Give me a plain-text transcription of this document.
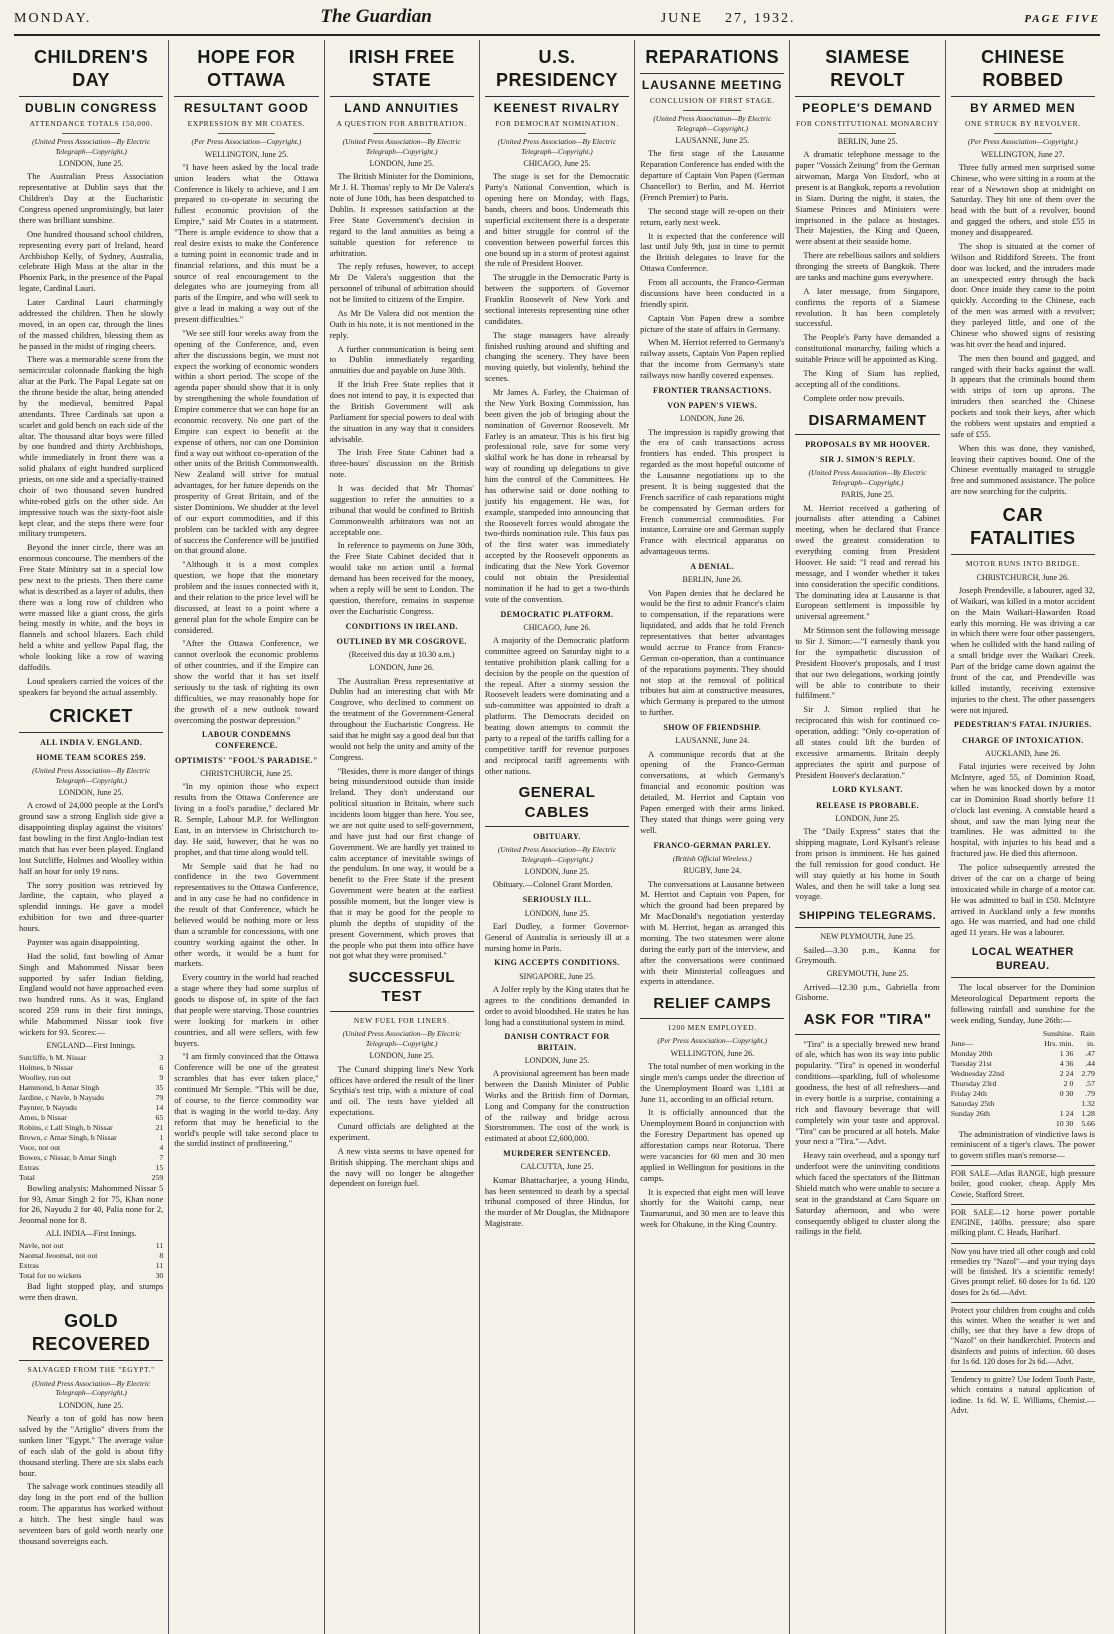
MONDAY.	The Guardian	JUNE 27, 1932.	PAGE FIVE
CHILDREN'S DAY
DUBLIN CONGRESS
ATTENDANCE TOTALS 150,000.
(United Press Association—By Electric Telegraph—Copyright.)
LONDON, June 25.

The Australian Press Association representative at Dublin says that the Children's Day at the Eucharistic Congress opened unpromisingly, but later there was brilliant sunshine.

One hundred thousand school children, representing every part of Ireland, heard Archbishop Kelly, of Sydney, Australia, celebrate High Mass at the altar in the Phoenix Park, in the presence of the Papal legate, Cardinal Lauri.

Later Cardinal Lauri charmingly addressed the children. Then he slowly moved, in an open car, through the lines of the massed children, blessing them as he passed in the midst of ringing cheers.

There was a memorable scene from the semicircular colonnade flanking the high altar at the Park. The Papal Legate sat on the throne beside the altar, being attended by the medieval, bemitred Papal attendants. Three Cardinals sat upon a scarlet and gold bench on each side of the altar. The thousand altar boys were filled by one hundred and thirty Archbishops, while immediately in front there was a solid phalanx of eight hundred surpliced priests, on one side and a specially-trained choir of two thousand seven hundred white-robed girls on the other side. An impressive touch was the sixty-foot aisle kept clear, and the steps there were four military trumpeters.

Beyond the inner circle, there was an enormous concourse. The members of the Free State Ministry sat in a special low pew next to the priests. Then there came what is described as a layer of adults, then there was a long row of children who were massed like a giant cross, the girls being mostly in white, and the boys in flannels and school blazers. Each child held a white and yellow Papal flag, the whole looking like a row of waving daffodils.

Loud speakers carried the voices of the speakers far beyond the actual assembly.

CRICKET
ALL INDIA V. ENGLAND.
HOME TEAM SCORES 259.
(United Press Association—By Electric Telegraph—Copyright.)
LONDON, June 25.

A crowd of 24,000 people at the Lord's ground saw a strong English side give a disappointing display against the visitors' fast bowling in the first Anglo-Indian test match that has ever been played. England lost Sutcliffe, Holmes and Woolley within half an hour for only 19 runs.

The sorry position was retrieved by Jardine, the captain, who played a splendid innings. He gave a model exhibition for two and three-quarter hours.

Paynter was again disappointing.

Had the solid, fast bowling of Amar Singh and Mahommed Nissar been supported by safer Indian fielding, England would not have approached even two hundred runs. As it was, England scored 259 runs in their first innings, while Mahommed Nissar took five wickets for 93. Scores:—

ENGLAND—First Innings.
Sutcliffe, b M. Nissar	3
Holmes, b Nissar	6
Woolley, run out	9
Hammond, b Amar Singh	35
Jardine, c Navle, b Nayudu	79
Paynter, b Nayudu	14
Ames, b Nissar	65
Robins, c Lall Singh, b Nissar	21
Brown, c Amar Singh, b Nissar	1
Voce, not out	4
Bowes, c Nissar, b Amar Singh	7
Extras	15
Total	259

Bowling analysis: Mahommed Nissar 5 for 93, Amar Singh 2 for 75, Khan none for 26, Nayudu 2 for 40, Palia none for 2, Jeoomal none for 8.

ALL INDIA—First Innings.
Navle, not out	11
Naomal Jeoomal, not out	8
Extras	11
Total for no wickets	30

Bad light stopped play, and stumps were then drawn.

GOLD RECOVERED
SALVAGED FROM THE "EGYPT."
(United Press Association—By Electric Telegraph—Copyright.)
LONDON, June 25.

Nearly a ton of gold has now been salved by the "Artiglio" divers from the sunken liner "Egypt." The average value of each slab of the gold is about fifty thousand sterling. There are six slabs each hour.

The salvage work continues steadily all day long in the port end of the bullion room. The apparatus has worked without a hitch. The best single haul was seventeen bars of gold worth nearly one thousand sovereigns each.

HOPE FOR OTTAWA
RESULTANT GOOD
EXPRESSION BY MR COATES.
(Per Press Association—Copyright.)
WELLINGTON, June 25.

"I have been asked by the local trade union leaders what the Ottawa Conference is likely to achieve, and I am prepared to co-operate in securing the fullest economic provision of the Empire," said Mr Coates in a statement. "There is ample evidence to show that a real desire exists to make the Conference a turning point in economic trade and in financial relations, and this must be a source of real encouragement to the delegates who are journeying from all parts of the Empire, and who will seek to give a lead in making a way out of the present difficulties."

"We see still four weeks away from the opening of the Conference, and, even after the discussions begin, we must not expect the working of economic wonders within a short period. The scope of the agenda paper should show that it is only by strengthening the whole foundation of Empire commerce that we can hope for an economic recovery. No one part of the Empire can expect to benefit at the expense of others, nor can one Dominion find a way out without co-operation of the other units of the British Commonwealth. New Zealand will strive for mutual advantages, for her future depends on the prosperity of Great Britain, and of the sister Dominions. We shudder at the level of our export commodities, and if this problem can be tackled with any degree of success the Conference will be justified on that ground alone.

"Although it is a most complex question, we hope that the monetary problem and the issues connected with it, and their relation to the price level will be discussed, at least to a point where a general plan for the whole Empire can be considered.

"After the Ottawa Conference, we cannot overlook the economic problems of other countries, and if the Empire can show the world that it has set itself seriously to the task of righting its own difficulties, we may reasonably hope for the growth of a new outlook toward overcoming the postwar depression."

LABOUR CONDEMNS CONFERENCE.
OPTIMISTS' "FOOL'S PARADISE."
CHRISTCHURCH, June 25.

"In my opinion those who expect results from the Ottawa Conference are living in a fool's paradise," declared Mr R. Semple, Labour M.P. for Wellington East, in an interview in Christchurch to-day. He said, however, that he was no prophet, and that time along would tell.

Mr Semple said that he had no confidence in the two Government representatives to the Ottawa Conference, and in any case he had no confidence in the result of that Conference, which he believed would be nothing more or less than a scramble for concessions, with one country working against the other. In other words, it would be a hunt for markets.

Every country in the world had reached a stage where they had some surplus of goods to dispose of, in spite of the fact that people were starving. Those countries were looking for markets in other countries, and all were sellers, with few buyers.

"I am firmly convinced that the Ottawa Conference will be one of the greatest scrambles that has ever taken place," continued Mr Semple. "This will be due, of course, to the fierce commodity war that is waging in the world to-day. Any reform that may be beneficial to the world's people will take second place to the sordid instinct of profiteering."

IRISH FREE STATE
LAND ANNUITIES
A QUESTION FOR ARBITRATION.
(United Press Association—By Electric Telegraph—Copyright.)
LONDON, June 25.

The British Minister for the Dominions, Mr J. H. Thomas' reply to Mr De Valera's note of June 10th, has been despatched to Dublin. It expresses satisfaction at the Free State Government's decision in regard to the land annuities as being a suitable question for reference to arbitration.

The reply refuses, however, to accept Mr De Valera's suggestion that the personnel of tribunal of arbitration should not be limited to citizens of the Empire.

As Mr De Valera did not mention the Oath in his note, it is not mentioned in the reply.

A further communication is being sent to Dublin immediately regarding annuities due and payable on June 30th.

If the Irish Free State replies that it does not intend to pay, it is expected that the British Government will ask Parliament for special powers to deal with the situation in any way that it considers advisable.

The Irish Free State Cabinet had a three-hours' discussion on the British note.

It was decided that Mr Thomas' suggestion to refer the annuities to a tribunal that would be confined to British Commonwealth arbitrators was not an acceptable one.

In reference to payments on June 30th, the Free State Cabinet decided that it would take no action until a formal demand has been received for the money, when a reply will be sent to London. The question, therefore, remains in suspense over the Eucharistic Congress.

CONDITIONS IN IRELAND.
OUTLINED BY MR COSGROVE.
(Received this day at 10.30 a.m.)
LONDON, June 26.

The Australian Press representative at Dublin had an interesting chat with Mr Cosgrove, who declined to comment on the treatment of the Government-General throughout the Eucharistic Congress. He said that he might say a good deal but that would not help the unity and amity of the Congress.

"Besides, there is more danger of things being misunderstood outside than inside Ireland. They don't understand our political situation in Britain, where such incidents loom bigger than here. You see, we are not quite used to self-government, and have just had our first change of Government. We are hardly yet trained to calm acceptance of inevitable swings of the pendulum. In one way, it would be a benefit to the Free State if the present Government were beaten at the earliest possible moment, but the longer view is that it may be good for the people to plumb the depths of stupidity of the present Government, which proves that the people who put them into office have not got what they were promised."

SUCCESSFUL TEST
NEW FUEL FOR LINERS.
(United Press Association—By Electric Telegraph—Copyright.)
LONDON, June 25.

The Cunard shipping line's New York offices have ordered the result of the liner Scythia's test trip, with a mixture of coal and oil. The tests have yielded all expectations.

Cunard officials are delighted at the experiment.

A new vista seems to have opened for British shipping. The merchant ships and the navy will no longer be altogether dependent on foreign fuel.

U.S. PRESIDENCY
KEENEST RIVALRY
FOR DEMOCRAT NOMINATION.
(United Press Association—By Electric Telegraph—Copyright.)
CHICAGO, June 25.

The stage is set for the Democratic Party's National Convention, which is opening here on Monday, with flags, bands, cheers and boos. Underneath this superficial excitement there is a desperate and bitter struggle for control of the convention between powerful forces this one bound up in a storm of protest against the rule of President Hoover.

The struggle in the Democratic Party is between the supporters of Governor Franklin Roosevelt of New York and sectional interests representing nine other candidates.

The stage managers have already finished rushing around and shifting and changing the scenery. They have been moving quietly, but violently, behind the scenes.

Mr James A. Farley, the Chairman of the New York Boxing Commission, has been given the job of bringing about the nomination of Governor Roosevelt. Mr Farley is an amateur. This is his first big professional role, save for some very skilful work he has done in rehearsal by way of rounding up delegations to give him the control of the Committees. He has otherwise said or done nothing to justify his engagement. He was, for example, stampeded into announcing that the Roosevelt forces would abrogate the two-thirds nomination rule. This faux pas of the first water was immediately accepted by the Roosevelt opponents as indicating that the New York Governor could not obtain the Presidential nomination if he had to get a two-thirds vote of the convention.

DEMOCRATIC PLATFORM.
CHICAGO, June 26.

A majority of the Democratic platform committee agreed on Saturday night to a tentative prohibition plank calling for a decision by the people on the question of the repeal. After a stormy session the Roosevelt leaders were dominating and a sub-committee was appointed to draft a platform. The Democrats decided on beating down attempts to commit the party to a repeal of the tariffs calling for a competitive tariff for revenue purposes and reciprocal tariff agreements with other nations.

GENERAL CABLES
OBITUARY.
(United Press Association—By Electric Telegraph—Copyright.)
LONDON, June 25.

Obituary.—Colonel Grant Morden.

SERIOUSLY ILL.
LONDON, June 25.

Earl Dudley, a former Governor-General of Australia is seriously ill at a nursing home in Paris.

KING ACCEPTS CONDITIONS.
SINGAPORE, June 25.

A Jolfer reply by the King states that he agrees to the conditions demanded in order to avoid bloodshed. He states he has long had a constitutional system in mind.

DANISH CONTRACT FOR BRITAIN.
LONDON, June 25.

A provisional agreement has been made between the Danish Minister of Public Works and the British firm of Dorman, Long and Company for the construction of the railway and bridge across Storstrommen. The cost of the work is estimated at about £2,600,000.

MURDERER SENTENCED.
CALCUTTA, June 25.

Kumar Bhattacharjee, a young Hindu, has been sentenced to death by a special tribunal composed of three Hindus, for the murder of Mr Douglas, the Midnapore Magistrate.

REPARATIONS
LAUSANNE MEETING
CONCLUSION OF FIRST STAGE.
(United Press Association—By Electric Telegraph—Copyright.)
LAUSANNE, June 25.

The first stage of the Lausanne Reparation Conference has ended with the departure of Captain Von Papen (German Chancellor) to Berlin, and M. Herriot (French Premier) to Paris.

The second stage will re-open on their return, early next week.

It is expected that the conference will last until July 9th, just in time to permit the British delegates to leave for the Ottawa Conference.

From all accounts, the Franco-German discussions have been conducted in a friendly spirit.

Captain Von Papen drew a sombre picture of the state of affairs in Germany.

When M. Herriot referred to Germany's railway assets, Captain Von Papen replied that the income from Germany's state railways now hardly covered expenses.

FRONTIER TRANSACTIONS.
VON PAPEN'S VIEWS.
LONDON, June 26.

The impression is rapidly growing that the era of cash transactions across frontiers has ended. This prospect is regarded as the most hopeful outcome of the Lausanne negotiations up to the present. It is being suggested that the French sacrifice of cash reparations might be compensated by German orders for French commercial commodities. For instance, Lorraine ore and German supply France with electrical apparatus on advantageous terms.

A DENIAL.
BERLIN, June 26.

Von Papen denies that he declared he would be the first to admit France's claim to compensation, if the reparations were liquidated, and adds that he told French representatives that better advantages would accrue to France from Franco-German co-operation, than a continuance of the reparations payments. They should not stop at the removal of political tributes but aim at constructive measures, which Germany is prepared to the utmost to further.

SHOW OF FRIENDSHIP.
LAUSANNE, June 24.

A communique records that at the opening of the Franco-German conversations, at which Germany's financial and economic position was detailed, M. Herriot and Captain von Papen emerged with their arms linked. They stated that things were going very well.

FRANCO-GERMAN PARLEY.
(British Official Wireless.)
RUGBY, June 24.

The conversations at Lausanne between M. Herriot and Captain von Papen, for which the ground had been prepared by Mr MacDonald's negotiation yesterday with M. Herriot, began as arranged this morning. The two statesmen were alone during the early part of the interview, and after the conversations were continued with their Ministerial colleagues and experts in attendance.

RELIEF CAMPS
1200 MEN EMPLOYED.
(Per Press Association—Copyright.)
WELLINGTON, June 26.

The total number of men working in the single men's camps under the direction of the Unemployment Board was 1,181 at June 11, according to an official return.

It is officially announced that the Unemployment Board in conjunction with the Forestry Department has opened up afforestation camps near Rotorua. There were vacancies for 60 men and 30 men applied in Wellington for positions in the camps.

It is expected that eight men will leave shortly for the Waitohi camp, near Taumarunui, and 30 men are to leave this week for Ohakune, in the King Country.

SIAMESE REVOLT
PEOPLE'S DEMAND
FOR CONSTITUTIONAL MONARCHY
BERLIN, June 25.

A dramatic telephone message to the paper "Vossich Zeitung" from the German airwoman, Marga Von Etsdorf, who at present is at Bangkok, reports a revolution in Siam. During the night, it states, the Siamese Princes and Ministers were imprisoned in the palace as hostages. Their Majesties, the King and Queen, were absent at their seaside home.

There are rebellious sailors and soldiers thronging the streets of Bangkok. There are tanks and machine guns everywhere.

A later message, from Singapore, confirms the reports of a Siamese revolution. It has been completely successful.

The People's Party have demanded a constitutional monarchy, failing which a suitable Prince will be appointed as King.

The King of Siam has replied, accepting all of the conditions.

Complete order now prevails.

DISARMAMENT
PROPOSALS BY MR HOOVER.
SIR J. SIMON'S REPLY.
(United Press Association—By Electric Telegraph—Copyright.)
PARIS, June 25.

M. Herriot received a gathering of journalists after attending a Cabinet meeting, when he declared that France owed the greatest consideration to everything coming from President Hoover. He said: "I read and reread his message, and I wonder whether it takes into consideration the specific conditions. The dominating idea at Lausanne is that European settlement is impossible by universal agreement."

Mr Stimson sent the following message to Sir J. Simon:—"I earnestly thank you for the sympathetic discussion of President Hoover's proposals, and I trust that our two delegations, working jointly will be able to contribute to their fulfilment."

Sir J. Simon replied that he reciprocated this wish for continued co-operation, adding: "Only co-operation of all states could lift the burden of excessive armaments. Britain deeply appreciates the spirit and purpose of President Hoover's declaration."

LORD KYLSANT.
RELEASE IS PROBABLE.
LONDON, June 25.

The "Daily Express" states that the shipping magnate, Lord Kylsant's release from prison is imminent. He has gained the full remission for good conduct. He will stay quietly at his home in South Wales, and then he will take a long sea voyage.

SHIPPING TELEGRAMS.
NEW PLYMOUTH, June 25.

Sailed—3.30 p.m., Kanna for Greymouth.

GREYMOUTH, June 25.

Arrived—12.30 p.m., Gabriella from Gisborne.

ASK FOR "TIRA"

"Tira" is a specially brewed new brand of ale, which has won its way into public popularity. "Tira" is opened in wonderful conditions—sparkling, full of wholesome goodness, the best of all refreshers—and in every bottle is a surprise, containing a rich and flavoury beverage that will completely win your taste and approval. "Tira" can be procured at all hotels. Make your next a "Tira."—Advt.

Heavy rain overhead, and a spongy turf underfoot were the uninviting conditions which faced the spectators of the Bittman Shield match who were unable to secure a seat in the grandstand at Caro Square on Saturday afternoon, and who were consequently obliged to cluster along the railings in the field.

CHINESE ROBBED
BY ARMED MEN
ONE STRUCK BY REVOLVER.
(Per Press Association—Copyright.)
WELLINGTON, June 27.

Three fully armed men surprised some Chinese, who were sitting in a room at the rear of a Newtown shop at midnight on Saturday. They hit one of them over the head with the butt of a revolver, bound and gagged the others, and stole £55 in money and disappeared.

The shop is situated at the corner of Wilson and Riddiford Streets. The front door was locked, and the intruders made an unexpected entry through the back door. Once inside they came to the point quickly. According to the Chinese, each of the men was armed with a revolver; they parleyed little, and one of the Chinese who showed signs of resisting was hit over the head and injured.

The men then bound and gagged, and ranged with their backs against the wall. It appears that the criminals bound them with strips of torn up aprons. The intruders then searched the Chinese pockets and took their keys, after which the robbers went upstairs and emptied a safe of £55.

When this was done, they vanished, leaving their captives bound. One of the Chinese eventually managed to struggle free and summoned assistance. The police are now searching for the culprits.

CAR FATALITIES
MOTOR RUNS INTO BRIDGE.
CHRISTCHURCH, June 26.

Joseph Prendeville, a labourer, aged 32, of Waikari, was killed in a motor accident on the Main Waikari-Hawarden Road early this morning. He was driving a car in which there were four other passengers, when he collided with the hand railing of a small bridge over the Waikari Creek. Part of the bridge came down against the front of the car, and Prendeville was killed instantly, receiving extensive injuries to the chest. The other passengers were not injured.

PEDESTRIAN'S FATAL INJURIES.
CHARGE OF INTOXICATION.
AUCKLAND, June 26.

Fatal injuries were received by John McIntyre, aged 55, of Dominion Road, when he was knocked down by a motor car in Dominion Road shortly before 11 o'clock last evening. A constable heard a shout, and saw the man lying near the tramlines. He was admitted to the hospital, with injuries to his head and a fractured jaw. He died this afternoon.

The police subsequently arrested the driver of the car on a charge of being intoxicated while in charge of a motor car. He was admitted to bail in £50. McIntyre arrived in Auckland only a few months ago. He was married, and had one child aged 11 years. He was a labourer.

LOCAL WEATHER BUREAU.

The local observer for the Dominion Meteorological Department reports the following rainfall and sunshine for the week ending, Sunday, June 26th:—

	Sunshine.	Rain
June—	Hrs. min.	in.
Monday 20th	1 36	.47
Tuesday 21st	4 36	.44
Wednesday 22nd	2 24	2.79
Thursday 23rd	2 0	.57
Friday 24th	0 30	.79
Saturday 25th		1.32
Sunday 26th	1 24	1.28
	10 30	5.66

The administration of vindictive laws is reminiscent of a tiger's claws. The power to govern stifles man's remorse—

FOR SALE—Atlas RANGE, high pressure boiler, good cooker, cheap. Apply Mrs Cowie, Stafford Street.
FOR SALE—12 horse power portable ENGINE, 140lbs. pressure; also spare milking plant. C. Heads, Hariharf.
Now you have tried all other cough and cold remedies try "Nazol"—and your trying days will be finished. It's a scientific remedy! Gives prompt relief. 60 doses for 1s 6d. 120 doses for 2s 6d.—Advt.
Protect your children from coughs and colds this winter. When the weather is wet and chilly, see that they have a few drops of "Nazol" on their handkerchief. Protects and disinfects and points of infection. 60 doses for 1s 6d. 120 doses for 2s 6d.—Advt.
Tendency to goitre? Use Iodent Tooth Paste, which contains a natural application of iodine. 1s 6d. W. E. Williams, Chemist.—Advt.
